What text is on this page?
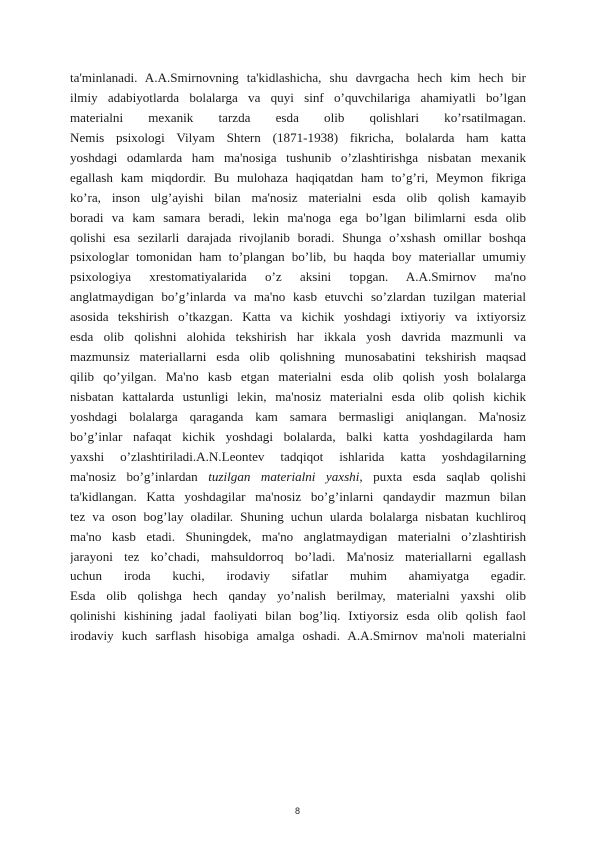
ta'minlanadi. A.A.Smirnovning ta'kidlashicha, shu davrgacha hech kim hech bir
ilmiy adabiyotlarda bolalarga va quyi sinf o’quvchilariga ahamiyatli bo’lgan
materialni mexanik tarzda esda olib qolishlari ko’rsatilmagan.
Nemis psixologi Vilyam Shtern (1871-1938) fikricha, bolalarda ham katta
yoshdagi odamlarda ham ma'nosiga tushunib o’zlashtirishga nisbatan mexanik
egallash kam miqdordir. Bu mulohaza haqiqatdan ham to’g’ri, Meymon fikriga
ko’ra, inson ulg’ayishi bilan ma'nosiz materialni esda olib qolish kamayib
boradi va kam samara beradi, lekin ma'noga ega bo’lgan bilimlarni esda olib
qolishi esa sezilarli darajada rivojlanib boradi. Shunga o’xshash omillar boshqa
psixologlar tomonidan ham to’plangan bo’lib, bu haqda boy materiallar umumiy
psixologiya xrestomatiyalarida o’z aksini topgan. A.A.Smirnov ma'no
anglatmaydigan bo’g’inlarda va ma'no kasb etuvchi so’zlardan tuzilgan material
asosida tekshirish o’tkazgan. Katta va kichik yoshdagi ixtiyoriy va ixtiyorsiz
esda olib qolishni alohida tekshirish har ikkala yosh davrida mazmunli va
mazmunsiz materiallarni esda olib qolishning munosabatini tekshirish maqsad
qilib qo’yilgan. Ma'no kasb etgan materialni esda olib qolish yosh bolalarga
nisbatan kattalarda ustunligi lekin, ma'nosiz materialni esda olib qolish kichik
yoshdagi bolalarga qaraganda kam samara bermasligi aniqlangan. Ma'nosiz
bo’g’inlar nafaqat kichik yoshdagi bolalarda, balki katta yoshdagilarda ham
yaxshi o’zlashtiriladi.A.N.Leontev tadqiqot ishlarida katta yoshdagilarning
ma'nosiz bo’g’inlardan tuzilgan materialni yaxshi, puxta esda saqlab qolishi
ta'kidlangan. Katta yoshdagilar ma'nosiz bo’g’inlarni qandaydir mazmun bilan
tez va oson bog’lay oladilar. Shuning uchun ularda bolalarga nisbatan kuchliroq
ma'no kasb etadi. Shuningdek, ma'no anglatmaydigan materialni o’zlashtirish
jarayoni tez ko’chadi, mahsuldorroq bo’ladi. Ma'nosiz materiallarni egallash
uchun iroda kuchi, irodaviy sifatlar muhim ahamiyatga egadir.
Esda olib qolishga hech qanday yo’nalish berilmay, materialni yaxshi olib
qolinishi kishining jadal faoliyati bilan bog’liq. Ixtiyorsiz esda olib qolish faol
irodaviy kuch sarflash hisobiga amalga oshadi. A.A.Smirnov ma'noli materialni
8
